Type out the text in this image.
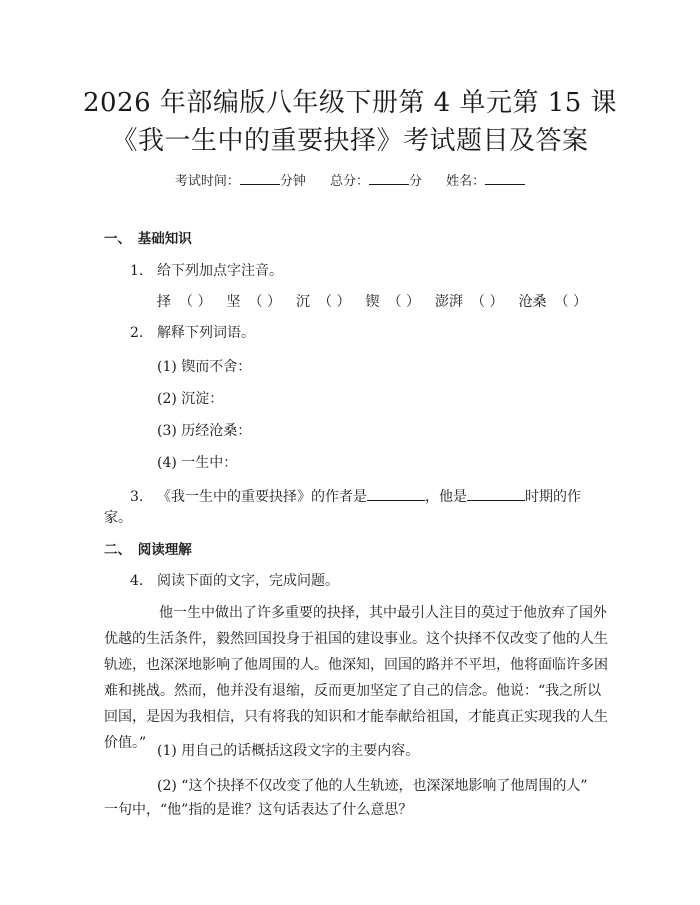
2026 年部编版八年级下册第 4 单元第 15 课
《我一生中的重要抉择》考试题目及答案
考试时间：	分钟 总分：	分 姓名：
一、　基础知识
1. 给下列加点字注音。
择 （ ） 坚 （ ） 沉 （ ） 锲 （ ） 澎湃 （ ） 沧桑 （ ）
2. 解释下列词语。
(1) 锲而不舍：
(2) 沉淀：
(3) 历经沧桑：
(4) 一生中：
3. 《我一生中的重要抉择》的作者是	，他是	时期的作
家。
二、　阅读理解
4. 阅读下面的文字，完成问题。
他一生中做出了许多重要的抉择，其中最引人注目的莫过于他放弃了国外
优越的生活条件，毅然回国投身于祖国的建设事业。这个抉择不仅改变了他的人生
轨迹，也深深地影响了他周围的人。他深知，回国的路并不平坦，他将面临许多困
难和挑战。然而，他并没有退缩，反而更加坚定了自己的信念。他说：“我之所以
回国，是因为我相信，只有将我的知识和才能奉献给祖国，才能真正实现我的人生
价值。” (1) 用自己的话概括这段文字的主要内容。
(2) “这个抉择不仅改变了他的人生轨迹，也深深地影响了他周围的人”
一句中，“他”指的是谁？这句话表达了什么意思？
